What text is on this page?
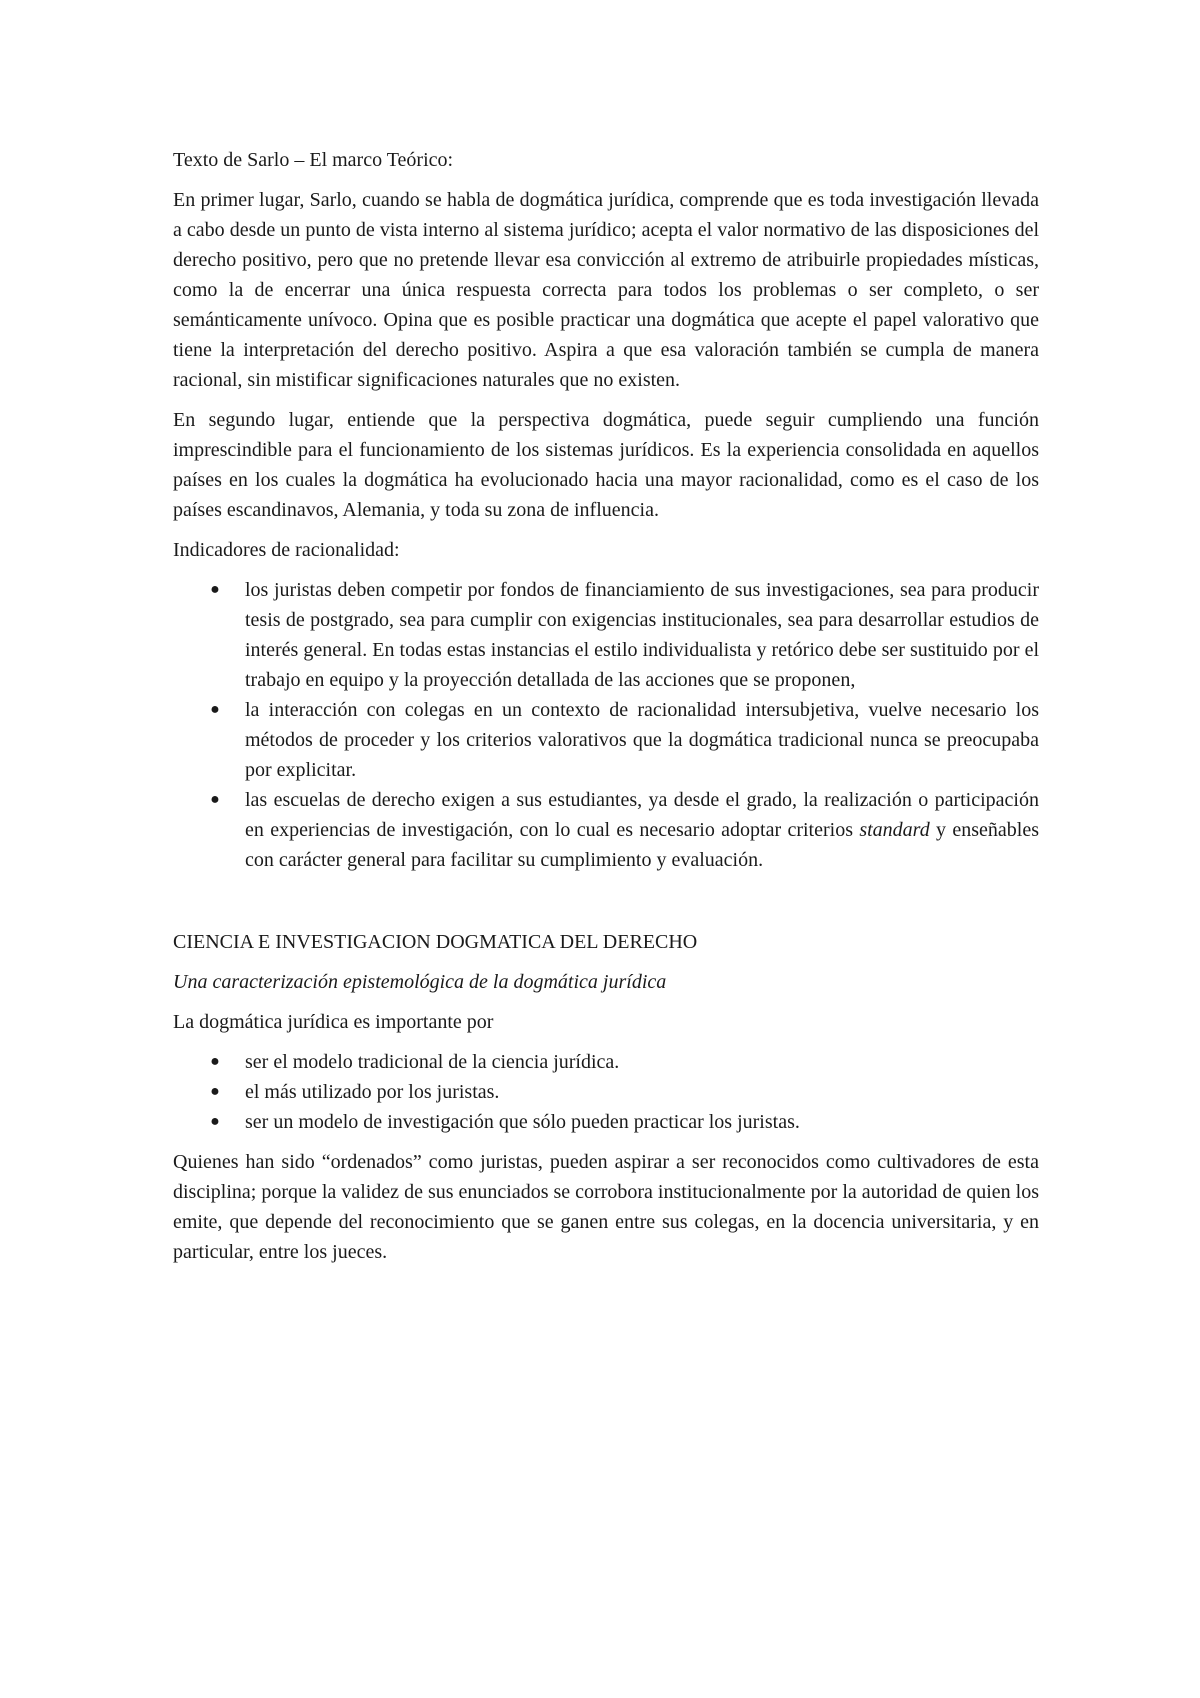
Texto de Sarlo – El marco Teórico:

En primer lugar, Sarlo, cuando se habla de dogmática jurídica, comprende que es toda investigación llevada a cabo desde un punto de vista interno al sistema jurídico; acepta el valor normativo de las disposiciones del derecho positivo, pero que no pretende llevar esa convicción al extremo de atribuirle propiedades místicas, como la de encerrar una única respuesta correcta para todos los problemas o ser completo, o ser semánticamente unívoco. Opina que es posible practicar una dogmática que acepte el papel valorativo que tiene la interpretación del derecho positivo. Aspira a que esa valoración también se cumpla de manera racional, sin mistificar significaciones naturales que no existen.

En segundo lugar, entiende que la perspectiva dogmática, puede seguir cumpliendo una función imprescindible para el funcionamiento de los sistemas jurídicos. Es la experiencia consolidada en aquellos países en los cuales la dogmática ha evolucionado hacia una mayor racionalidad, como es el caso de los países escandinavos, Alemania, y toda su zona de influencia.

Indicadores de racionalidad:

● los juristas deben competir por fondos de financiamiento de sus investigaciones, sea para producir tesis de postgrado, sea para cumplir con exigencias institucionales, sea para desarrollar estudios de interés general. En todas estas instancias el estilo individualista y retórico debe ser sustituido por el trabajo en equipo y la proyección detallada de las acciones que se proponen,
● la interacción con colegas en un contexto de racionalidad intersubjetiva, vuelve necesario los métodos de proceder y los criterios valorativos que la dogmática tradicional nunca se preocupaba por explicitar.
● las escuelas de derecho exigen a sus estudiantes, ya desde el grado, la realización o participación en experiencias de investigación, con lo cual es necesario adoptar criterios standard y enseñables con carácter general para facilitar su cumplimiento y evaluación.

CIENCIA E INVESTIGACION DOGMATICA DEL DERECHO

Una caracterización epistemológica de la dogmática jurídica

La dogmática jurídica es importante por

● ser el modelo tradicional de la ciencia jurídica.
● el más utilizado por los juristas.
● ser un modelo de investigación que sólo pueden practicar los juristas.

Quienes han sido “ordenados” como juristas, pueden aspirar a ser reconocidos como cultivadores de esta disciplina; porque la validez de sus enunciados se corrobora institucionalmente por la autoridad de quien los emite, que depende del reconocimiento que se ganen entre sus colegas, en la docencia universitaria, y en particular, entre los jueces.
